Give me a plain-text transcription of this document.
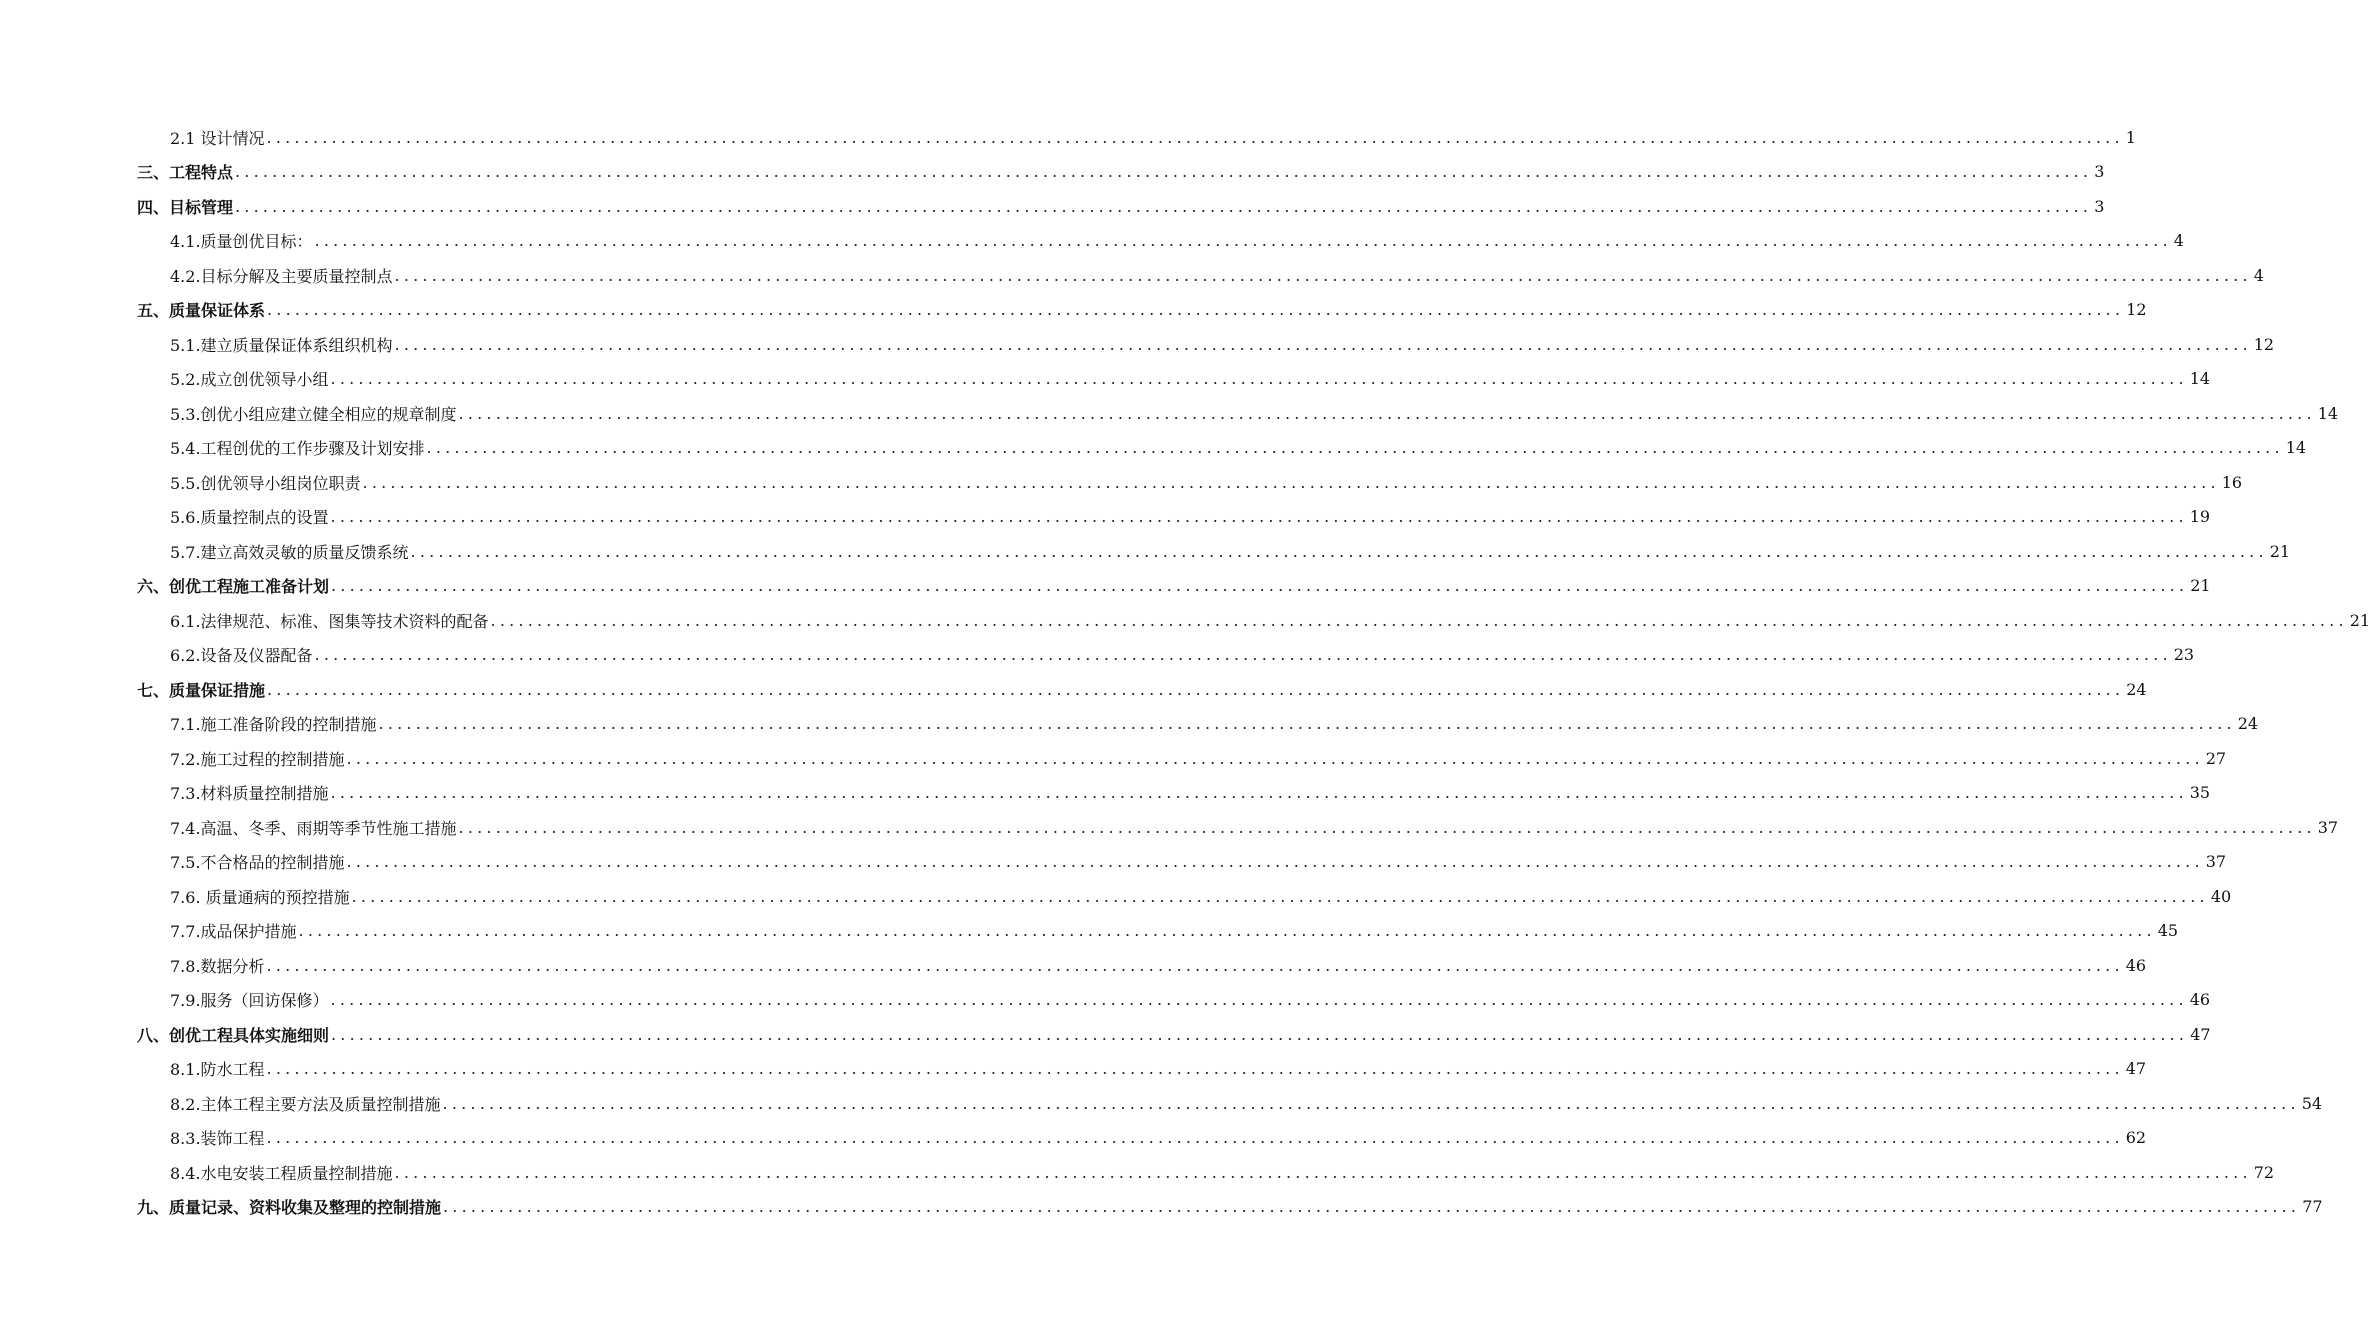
2.1 设计情况 ........................................................................................................................................................................................................ 1
三、工程特点 ........................................................................................................................................................................................................ 3
四、目标管理 ........................................................................................................................................................................................................ 3
4.1.质量创优目标： ........................................................................................................................................................................................................ 4
4.2.目标分解及主要质量控制点 ........................................................................................................................................................................................................ 4
五、质量保证体系 ........................................................................................................................................................................................................ 12
5.1.建立质量保证体系组织机构 ........................................................................................................................................................................................................ 12
5.2.成立创优领导小组 ........................................................................................................................................................................................................ 14
5.3.创优小组应建立健全相应的规章制度 ........................................................................................................................................................................................................ 14
5.4.工程创优的工作步骤及计划安排 ........................................................................................................................................................................................................ 14
5.5.创优领导小组岗位职责 ........................................................................................................................................................................................................ 16
5.6.质量控制点的设置 ........................................................................................................................................................................................................ 19
5.7.建立高效灵敏的质量反馈系统 ........................................................................................................................................................................................................ 21
六、创优工程施工准备计划 ........................................................................................................................................................................................................ 21
6.1.法律规范、标准、图集等技术资料的配备 ........................................................................................................................................................................................................ 21
6.2.设备及仪器配备 ........................................................................................................................................................................................................ 23
七、质量保证措施 ........................................................................................................................................................................................................ 24
7.1.施工准备阶段的控制措施 ........................................................................................................................................................................................................ 24
7.2.施工过程的控制措施 ........................................................................................................................................................................................................ 27
7.3.材料质量控制措施 ........................................................................................................................................................................................................ 35
7.4.高温、冬季、雨期等季节性施工措施 ........................................................................................................................................................................................................ 37
7.5.不合格品的控制措施 ........................................................................................................................................................................................................ 37
7.6. 质量通病的预控措施 ........................................................................................................................................................................................................ 40
7.7.成品保护措施 ........................................................................................................................................................................................................ 45
7.8.数据分析 ........................................................................................................................................................................................................ 46
7.9.服务（回访保修） ........................................................................................................................................................................................................ 46
八、创优工程具体实施细则 ........................................................................................................................................................................................................ 47
8.1.防水工程 ........................................................................................................................................................................................................ 47
8.2.主体工程主要方法及质量控制措施 ........................................................................................................................................................................................................ 54
8.3.装饰工程 ........................................................................................................................................................................................................ 62
8.4.水电安装工程质量控制措施 ........................................................................................................................................................................................................ 72
九、质量记录、资料收集及整理的控制措施 ........................................................................................................................................................................................................ 77
